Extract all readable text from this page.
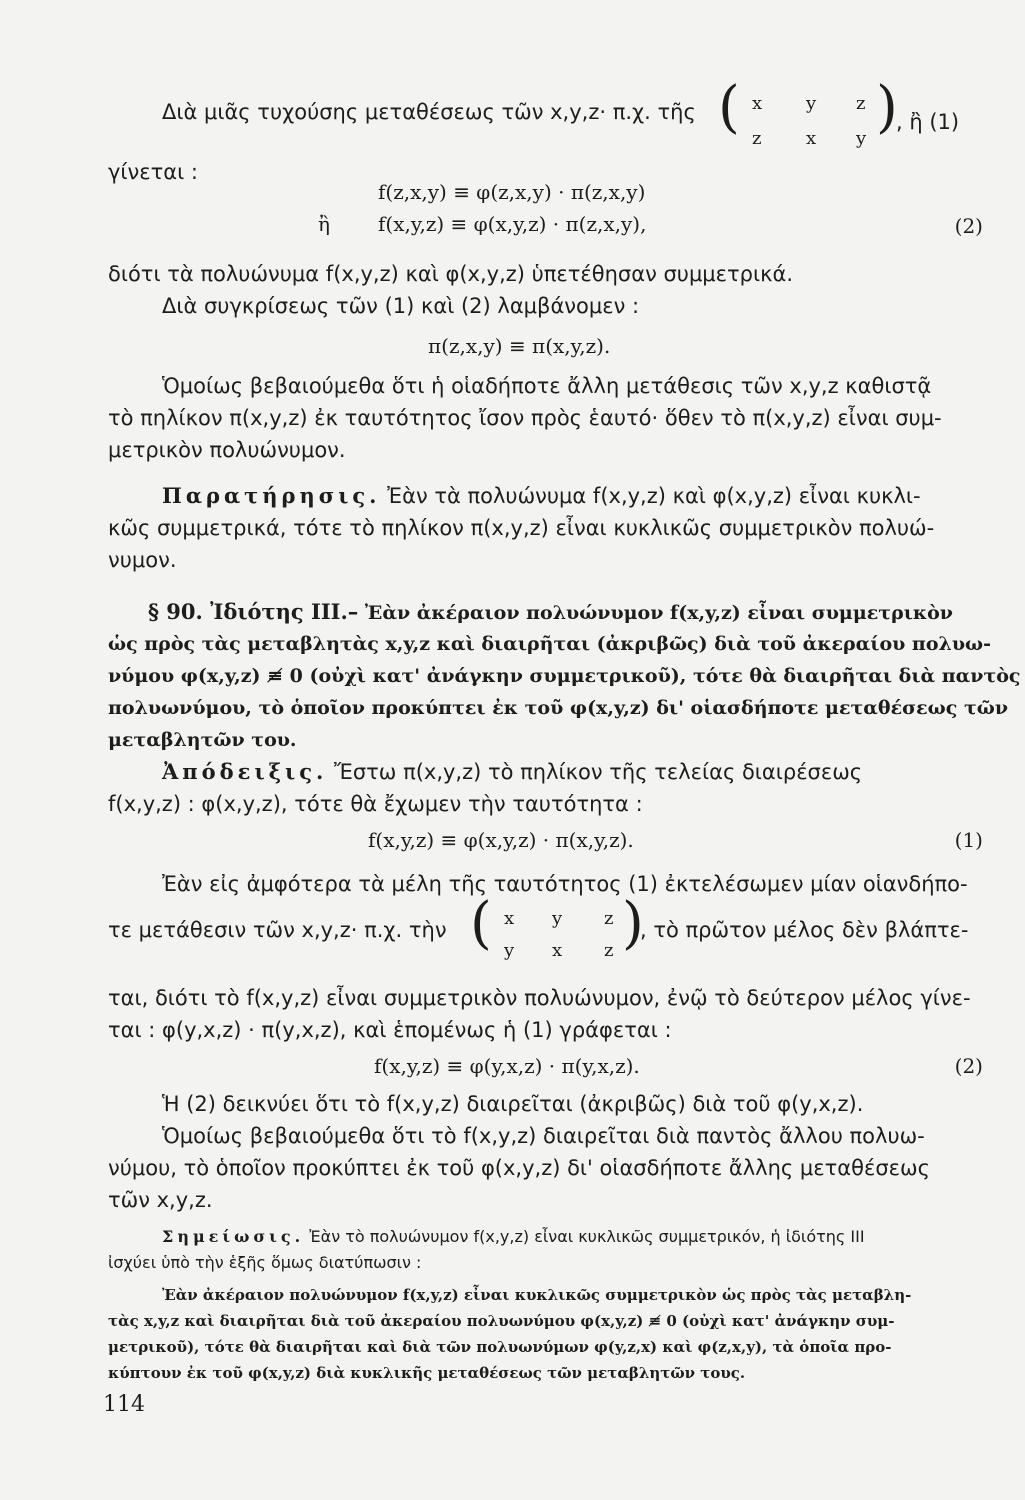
Διὰ μιᾶς τυχούσης μεταθέσεως τῶν x,y,z· π.χ. τῆς ( x y z
z x y )
, ἢ (1)
γίνεται :
f(z,x,y) ≡ φ(z,x,y) · π(z,x,y)
ἢ f(x,y,z) ≡ φ(x,y,z) · π(z,x,y),	(2)
διότι τὰ πολυώνυμα f(x,y,z) καὶ φ(x,y,z) ὑπετέθησαν συμμετρικά.
Διὰ συγκρίσεως τῶν (1) καὶ (2) λαμβάνομεν :
π(z,x,y) ≡ π(x,y,z).
Ὁμοίως βεβαιούμεθα ὅτι ἡ οἱαδήποτε ἄλλη μετάθεσις τῶν x,y,z καθιστᾷ
τὸ πηλίκον π(x,y,z) ἐκ ταυτότητος ἴσον πρὸς ἑαυτό· ὅθεν τὸ π(x,y,z) εἶναι συμ-
μετρικὸν πολυώνυμον.
Παρατήρησις. Ἐὰν τὰ πολυώνυμα f(x,y,z) καὶ φ(x,y,z) εἶναι κυκλι-
κῶς συμμετρικά, τότε τὸ πηλίκον π(x,y,z) εἶναι κυκλικῶς συμμετρικὸν πολυώ-
νυμον.
§ 90. Ἰδιότης ΙΙΙ.– Ἐὰν ἀκέραιον πολυώνυμον f(x,y,z) εἶναι συμμετρικὸν
ὡς πρὸς τὰς μεταβλητὰς x,y,z καὶ διαιρῆται (ἀκριβῶς) διὰ τοῦ ἀκεραίου πολυω-
νύμου φ(x,y,z) ≢ 0 (οὐχὶ κατ' ἀνάγκην συμμετρικοῦ), τότε θὰ διαιρῆται διὰ παντὸς
πολυωνύμου, τὸ ὁποῖον προκύπτει ἐκ τοῦ φ(x,y,z) δι' οἱασδήποτε μεταθέσεως τῶν
μεταβλητῶν του.
Ἀπόδειξις. Ἔστω π(x,y,z) τὸ πηλίκον τῆς τελείας διαιρέσεως
f(x,y,z) : φ(x,y,z), τότε θὰ ἔχωμεν τὴν ταυτότητα :
f(x,y,z) ≡ φ(x,y,z) · π(x,y,z).	(1)
Ἐὰν εἰς ἀμφότερα τὰ μέλη τῆς ταυτότητος (1) ἐκτελέσωμεν μίαν οἱανδήπο-
τε μετάθεσιν τῶν x,y,z· π.χ. τὴν ( x y z
y x z )
, τὸ πρῶτον μέλος δὲν βλάπτε-
ται, διότι τὸ f(x,y,z) εἶναι συμμετρικὸν πολυώνυμον, ἐνῷ τὸ δεύτερον μέλος γίνε-
ται : φ(y,x,z) · π(y,x,z), καὶ ἑπομένως ἡ (1) γράφεται :
f(x,y,z) ≡ φ(y,x,z) · π(y,x,z).	(2)
Ἡ (2) δεικνύει ὅτι τὸ f(x,y,z) διαιρεῖται (ἀκριβῶς) διὰ τοῦ φ(y,x,z).
Ὁμοίως βεβαιούμεθα ὅτι τὸ f(x,y,z) διαιρεῖται διὰ παντὸς ἄλλου πολυω-
νύμου, τὸ ὁποῖον προκύπτει ἐκ τοῦ φ(x,y,z) δι' οἱασδήποτε ἄλλης μεταθέσεως
τῶν x,y,z.
Σημείωσις. Ἐὰν τὸ πολυώνυμον f(x,y,z) εἶναι κυκλικῶς συμμετρικόν, ἡ ἰδιότης ΙΙΙ
ἰσχύει ὑπὸ τὴν ἑξῆς ὅμως διατύπωσιν :
Ἐὰν ἀκέραιον πολυώνυμον f(x,y,z) εἶναι κυκλικῶς συμμετρικὸν ὡς πρὸς τὰς μεταβλη-
τὰς x,y,z καὶ διαιρῆται διὰ τοῦ ἀκεραίου πολυωνύμου φ(x,y,z) ≢ 0 (οὐχὶ κατ' ἀνάγκην συμ-
μετρικοῦ), τότε θὰ διαιρῆται καὶ διὰ τῶν πολυωνύμων φ(y,z,x) καὶ φ(z,x,y), τὰ ὁποῖα προ-
κύπτουν ἐκ τοῦ φ(x,y,z) διὰ κυκλικῆς μεταθέσεως τῶν μεταβλητῶν τους.
114
